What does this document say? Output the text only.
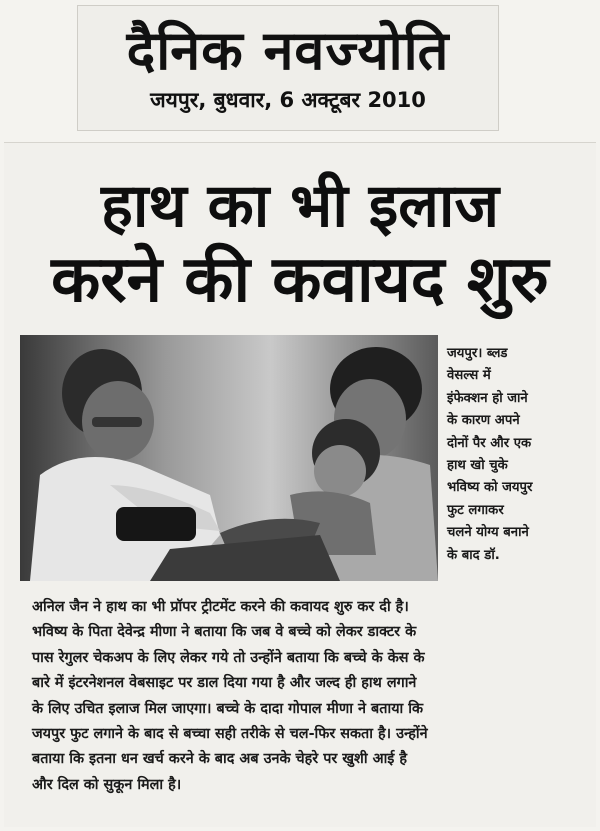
दैनिक नवज्योति
जयपुर, बुधवार, 6 अक्टूबर 2010
हाथ का भी इलाज
करने की कवायद शुरु
जयपुर। ब्लड
वेसल्स में
इंफेक्शन हो जाने
के कारण अपने
दोनों पैर और एक
हाथ खो चुके
भविष्य को जयपुर
फुट लगाकर
चलने योग्य बनाने
के बाद डॉ.
अनिल जैन ने हाथ का भी प्रॉपर ट्रीटमेंट करने की कवायद शुरु कर दी है।
भविष्य के पिता देवेन्द्र मीणा ने बताया कि जब वे बच्चे को लेकर डाक्टर के
पास रेगुलर चेकअप के लिए लेकर गये तो उन्होंने बताया कि बच्चे के केस के
बारे में इंटरनेशनल वेबसाइट पर डाल दिया गया है और जल्द ही हाथ लगाने
के लिए उचित इलाज मिल जाएगा। बच्चे के दादा गोपाल मीणा ने बताया कि
जयपुर फुट लगाने के बाद से बच्चा सही तरीके से चल-फिर सकता है। उन्होंने
बताया कि इतना धन खर्च करने के बाद अब उनके चेहरे पर खुशी आई है
और दिल को सुकून मिला है।
